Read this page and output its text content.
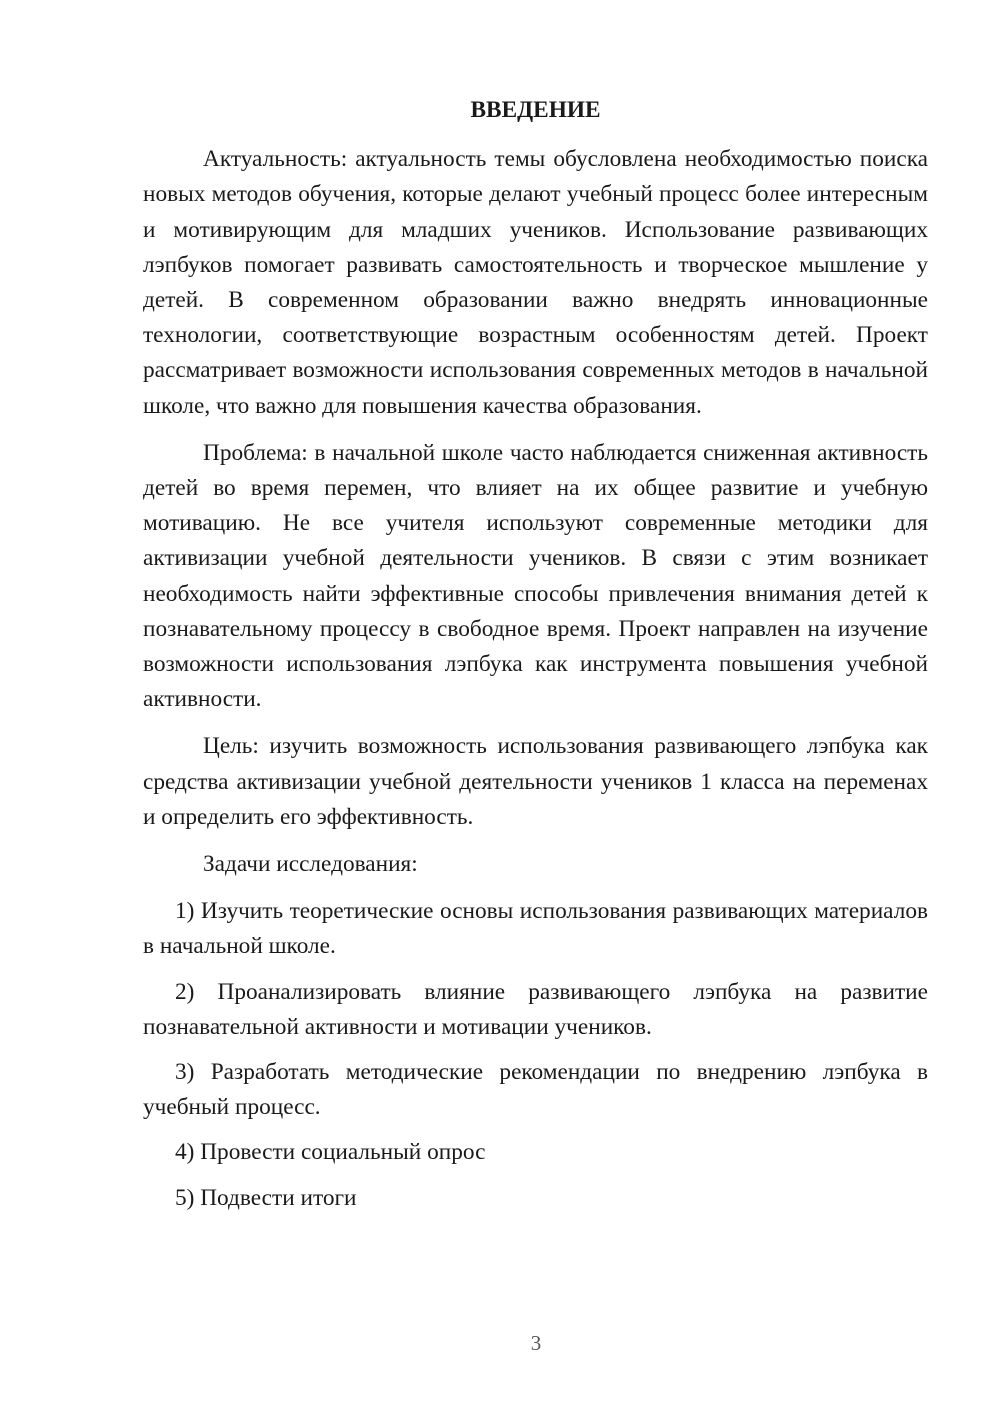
ВВЕДЕНИЕ

Актуальность: актуальность темы обусловлена необходимостью поиска новых методов обучения, которые делают учебный процесс более интересным и мотивирующим для младших учеников. Использование развивающих лэпбуков помогает развивать самостоятельность и творческое мышление у детей. В современном образовании важно внедрять инновационные технологии, соответствующие возрастным особенностям детей. Проект рассматривает возможности использования современных методов в начальной школе, что важно для повышения качества образования.

Проблема: в начальной школе часто наблюдается сниженная активность детей во время перемен, что влияет на их общее развитие и учебную мотивацию. Не все учителя используют современные методики для активизации учебной деятельности учеников. В связи с этим возникает необходимость найти эффективные способы привлечения внимания детей к познавательному процессу в свободное время. Проект направлен на изучение возможности использования лэпбука как инструмента повышения учебной активности.

Цель: изучить возможность использования развивающего лэпбука как средства активизации учебной деятельности учеников 1 класса на переменах и определить его эффективность.

Задачи исследования:

1) Изучить теоретические основы использования развивающих материалов в начальной школе.

2) Проанализировать влияние развивающего лэпбука на развитие познавательной активности и мотивации учеников.

3) Разработать методические рекомендации по внедрению лэпбука в учебный процесс.

4) Провести социальный опрос

5) Подвести итоги

3
